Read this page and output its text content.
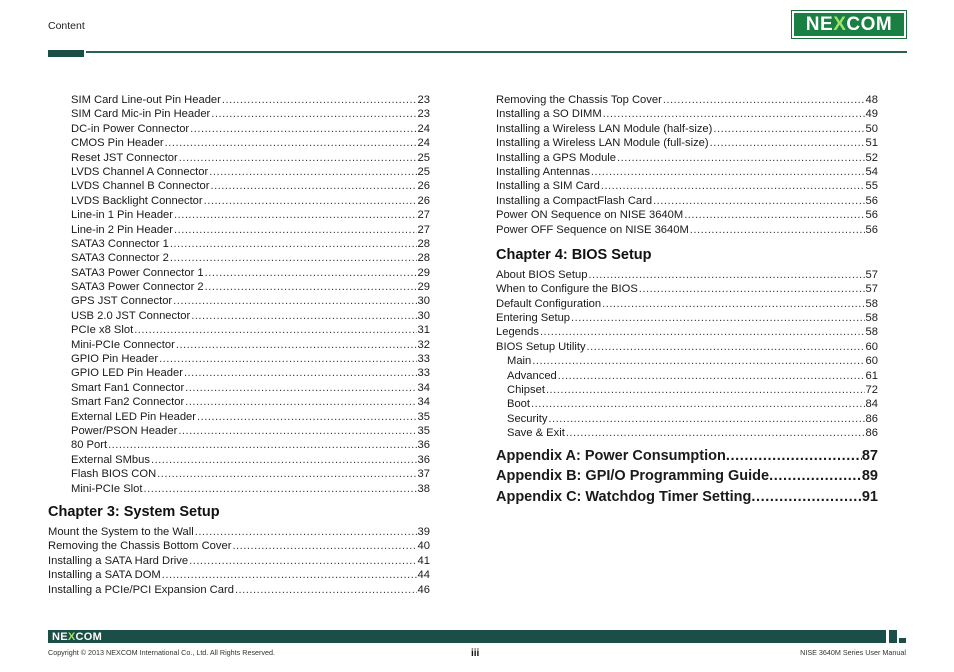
Content	NEXCOM
SIM Card Line-out Pin Header .....	23
SIM Card Mic-in Pin Header .....	23
DC-in Power Connector .....	24
CMOS Pin Header .....	24
Reset JST Connector .....	25
LVDS Channel A Connector .....	25
LVDS Channel B Connector .....	26
LVDS Backlight Connector .....	26
Line-in 1 Pin Header .....	27
Line-in 2 Pin Header .....	27
SATA3 Connector 1 .....	28
SATA3 Connector 2 .....	28
SATA3 Power Connector 1 .....	29
SATA3 Power Connector 2 .....	29
GPS JST Connector .....	30
USB 2.0 JST Connector .....	30
PCIe x8 Slot .....	31
Mini-PCIe Connector .....	32
GPIO Pin Header .....	33
GPIO LED Pin Header .....	33
Smart Fan1 Connector .....	34
Smart Fan2 Connector .....	34
External LED Pin Header .....	35
Power/PSON Header .....	35
80 Port .....	36
External SMbus .....	36
Flash BIOS CON .....	37
Mini-PCIe Slot .....	38
Chapter 3: System Setup
Mount the System to the Wall .....	39
Removing the Chassis Bottom Cover .....	40
Installing a SATA Hard Drive .....	41
Installing a SATA DOM .....	44
Installing a PCIe/PCI Expansion Card .....	46
Removing the Chassis Top Cover .....	48
Installing a SO DIMM .....	49
Installing a Wireless LAN Module (half-size) .....	50
Installing a Wireless LAN Module (full-size) .....	51
Installing a GPS Module .....	52
Installing Antennas .....	54
Installing a SIM Card .....	55
Installing a CompactFlash Card .....	56
Power ON Sequence on NISE 3640M .....	56
Power OFF Sequence on NISE 3640M .....	56
Chapter 4: BIOS Setup
About BIOS Setup .....	57
When to Configure the BIOS .....	57
Default Configuration .....	58
Entering Setup .....	58
Legends .....	58
BIOS Setup Utility .....	60
Main .....	60
Advanced .....	61
Chipset .....	72
Boot .....	84
Security .....	86
Save & Exit .....	86
Appendix A: Power Consumption .....	87
Appendix B: GPI/O Programming Guide .....	89
Appendix C: Watchdog Timer Setting .....	91
NEXCOM
Copyright © 2013 NEXCOM International Co., Ltd. All Rights Reserved.	iii	NISE 3640M Series User Manual
